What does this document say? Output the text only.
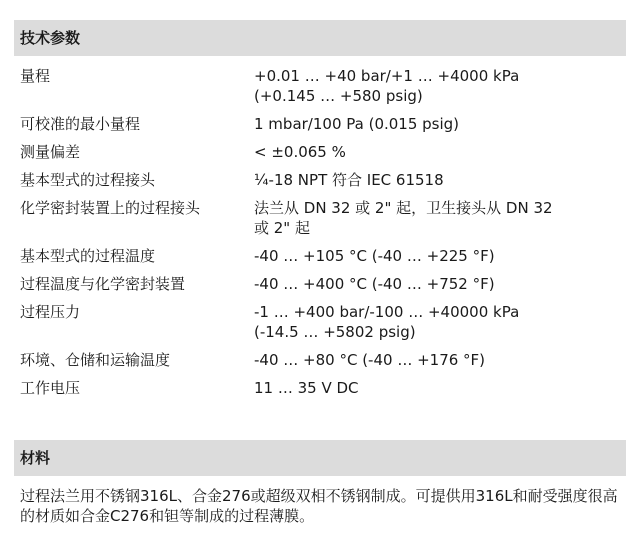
技术参数
量程	+0.01 … +40 bar/+1 … +4000 kPa
(+0.145 … +580 psig)
可校准的最小量程	1 mbar/100 Pa (0.015 psig)
测量偏差	< ±0.065 %
基本型式的过程接头	¼-18 NPT 符合 IEC 61518
化学密封装置上的过程接头	法兰从 DN 32 或 2" 起，卫生接头从 DN 32
或 2" 起
基本型式的过程温度	-40 … +105 °C (-40 … +225 °F)
过程温度与化学密封装置	-40 … +400 °C (-40 … +752 °F)
过程压力	-1 … +400 bar/-100 … +40000 kPa
(-14.5 … +5802 psig)
环境、仓储和运输温度	-40 … +80 °C (-40 … +176 °F)
工作电压	11 … 35 V DC
材料
过程法兰用不锈钢316L、合金276或超级双相不锈钢制成。可提供用316L和耐受强度很高的材质如合金C276和钽等制成的过程薄膜。
